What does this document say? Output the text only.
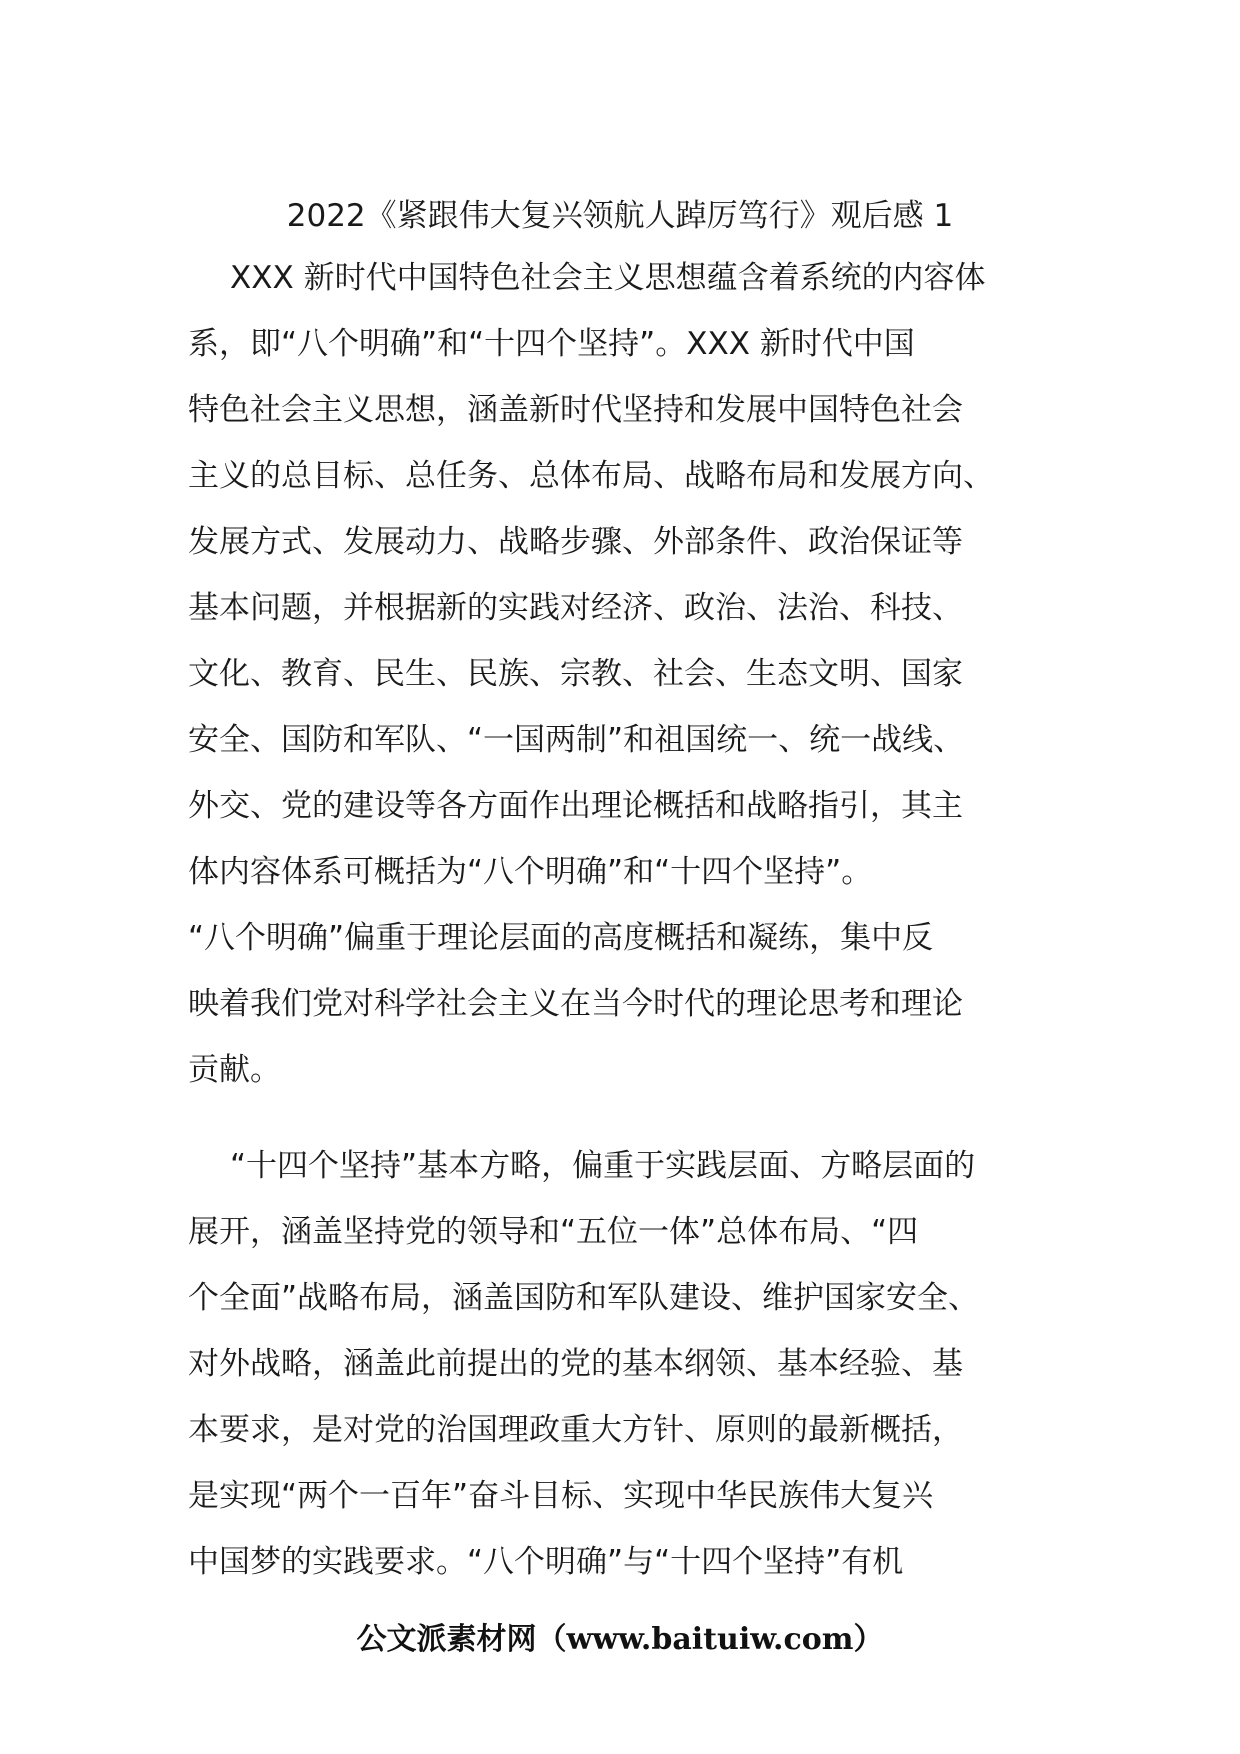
2022《紧跟伟大复兴领航人踔厉笃行》观后感 1
XXX 新时代中国特色社会主义思想蕴含着系统的内容体
系，即“八个明确”和“十四个坚持”。XXX 新时代中国
特色社会主义思想，涵盖新时代坚持和发展中国特色社会
主义的总目标、总任务、总体布局、战略布局和发展方向、
发展方式、发展动力、战略步骤、外部条件、政治保证等
基本问题，并根据新的实践对经济、政治、法治、科技、
文化、教育、民生、民族、宗教、社会、生态文明、国家
安全、国防和军队、“一国两制”和祖国统一、统一战线、
外交、党的建设等各方面作出理论概括和战略指引，其主
体内容体系可概括为“八个明确”和“十四个坚持”。
“八个明确”偏重于理论层面的高度概括和凝练，集中反
映着我们党对科学社会主义在当今时代的理论思考和理论
贡献。
“十四个坚持”基本方略，偏重于实践层面、方略层面的
展开，涵盖坚持党的领导和“五位一体”总体布局、“四
个全面”战略布局，涵盖国防和军队建设、维护国家安全、
对外战略，涵盖此前提出的党的基本纲领、基本经验、基
本要求，是对党的治国理政重大方针、原则的最新概括，
是实现“两个一百年”奋斗目标、实现中华民族伟大复兴
中国梦的实践要求。“八个明确”与“十四个坚持”有机
公文派素材网（www.baituiw.com）
